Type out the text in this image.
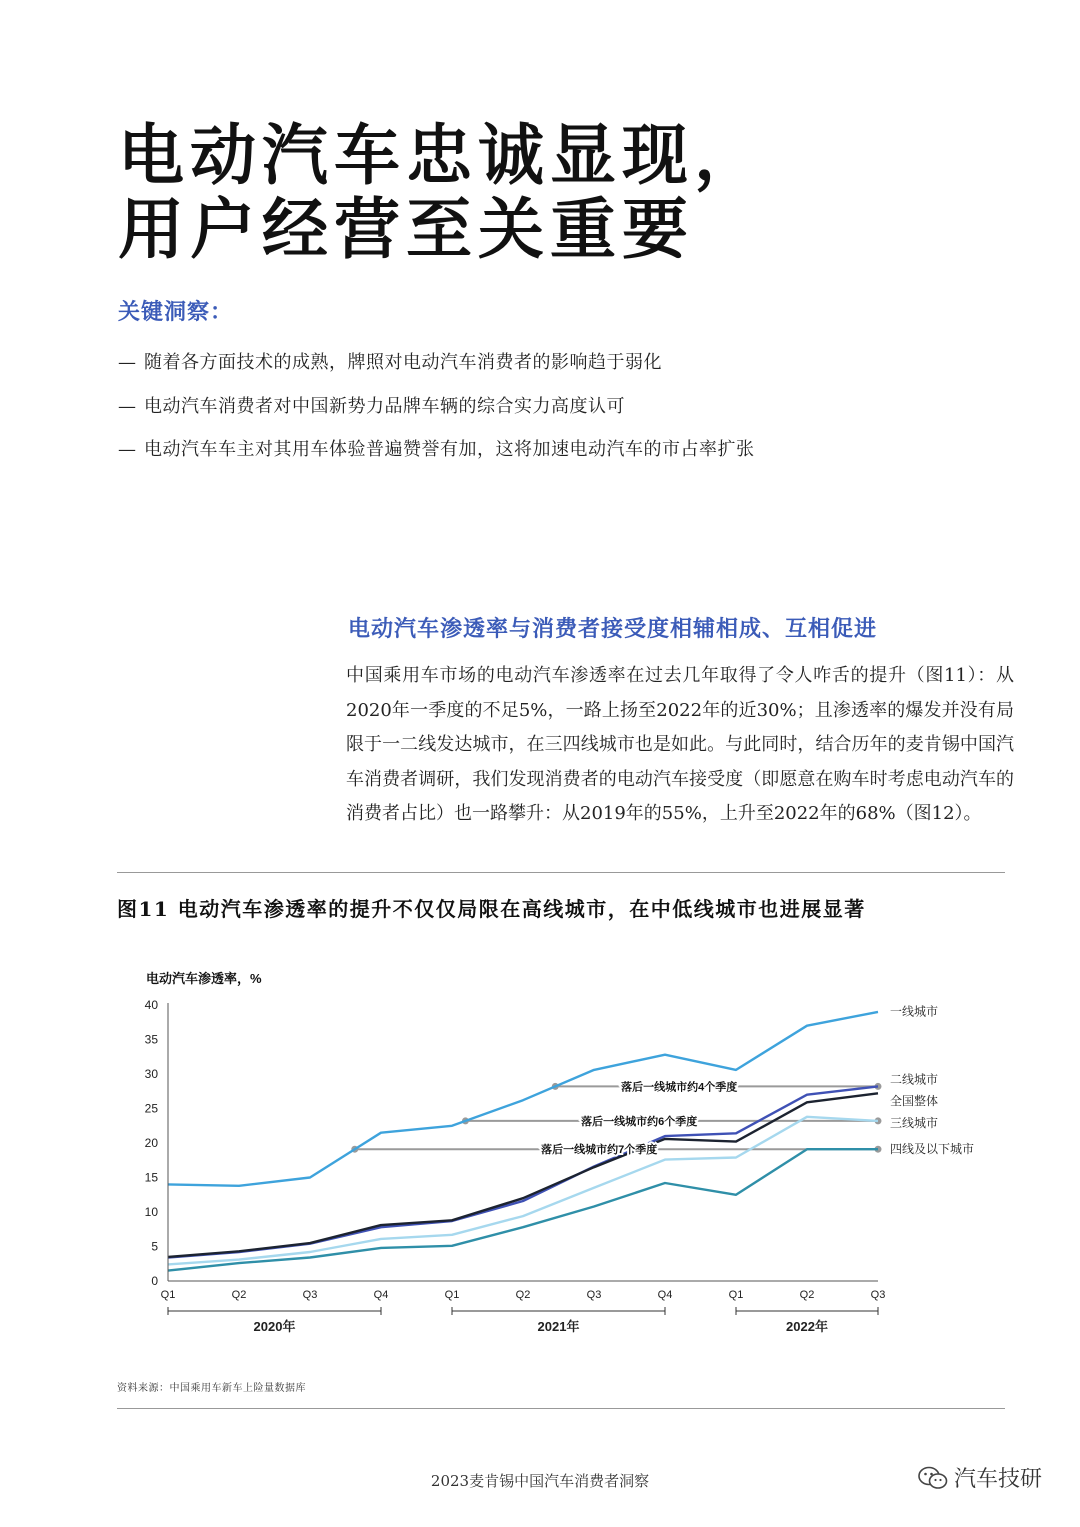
电动汽车忠诚显现，
用户经营至关重要
关键洞察：
— 随着各方面技术的成熟，牌照对电动汽车消费者的影响趋于弱化
— 电动汽车消费者对中国新势力品牌车辆的综合实力高度认可
— 电动汽车车主对其用车体验普遍赞誉有加，这将加速电动汽车的市占率扩张
电动汽车渗透率与消费者接受度相辅相成、互相促进
中国乘用车市场的电动汽车渗透率在过去几年取得了令人咋舌的提升（图11）：从2020年一季度的不足5%，一路上扬至2022年的近30%；且渗透率的爆发并没有局限于一二线发达城市，在三四线城市也是如此。与此同时，结合历年的麦肯锡中国汽车消费者调研，我们发现消费者的电动汽车接受度（即愿意在购车时考虑电动汽车的消费者占比）也一路攀升：从2019年的55%，上升至2022年的68%（图12）。
图11 电动汽车渗透率的提升不仅仅局限在高线城市，在中低线城市也进展显著
电动汽车渗透率，%
落后一线城市约4个季度
落后一线城市约6个季度
落后一线城市约7个季度
一线城市
二线城市
全国整体
三线城市
四线及以下城市
0
5
10
15
20
25
30
35
40
Q1	Q2	Q3	Q4	Q1	Q2	Q3	Q4	Q1	Q2	Q3
2020年	2021年	2022年
资料来源：中国乘用车新车上险量数据库
2023麦肯锡中国汽车消费者洞察	汽车技研
